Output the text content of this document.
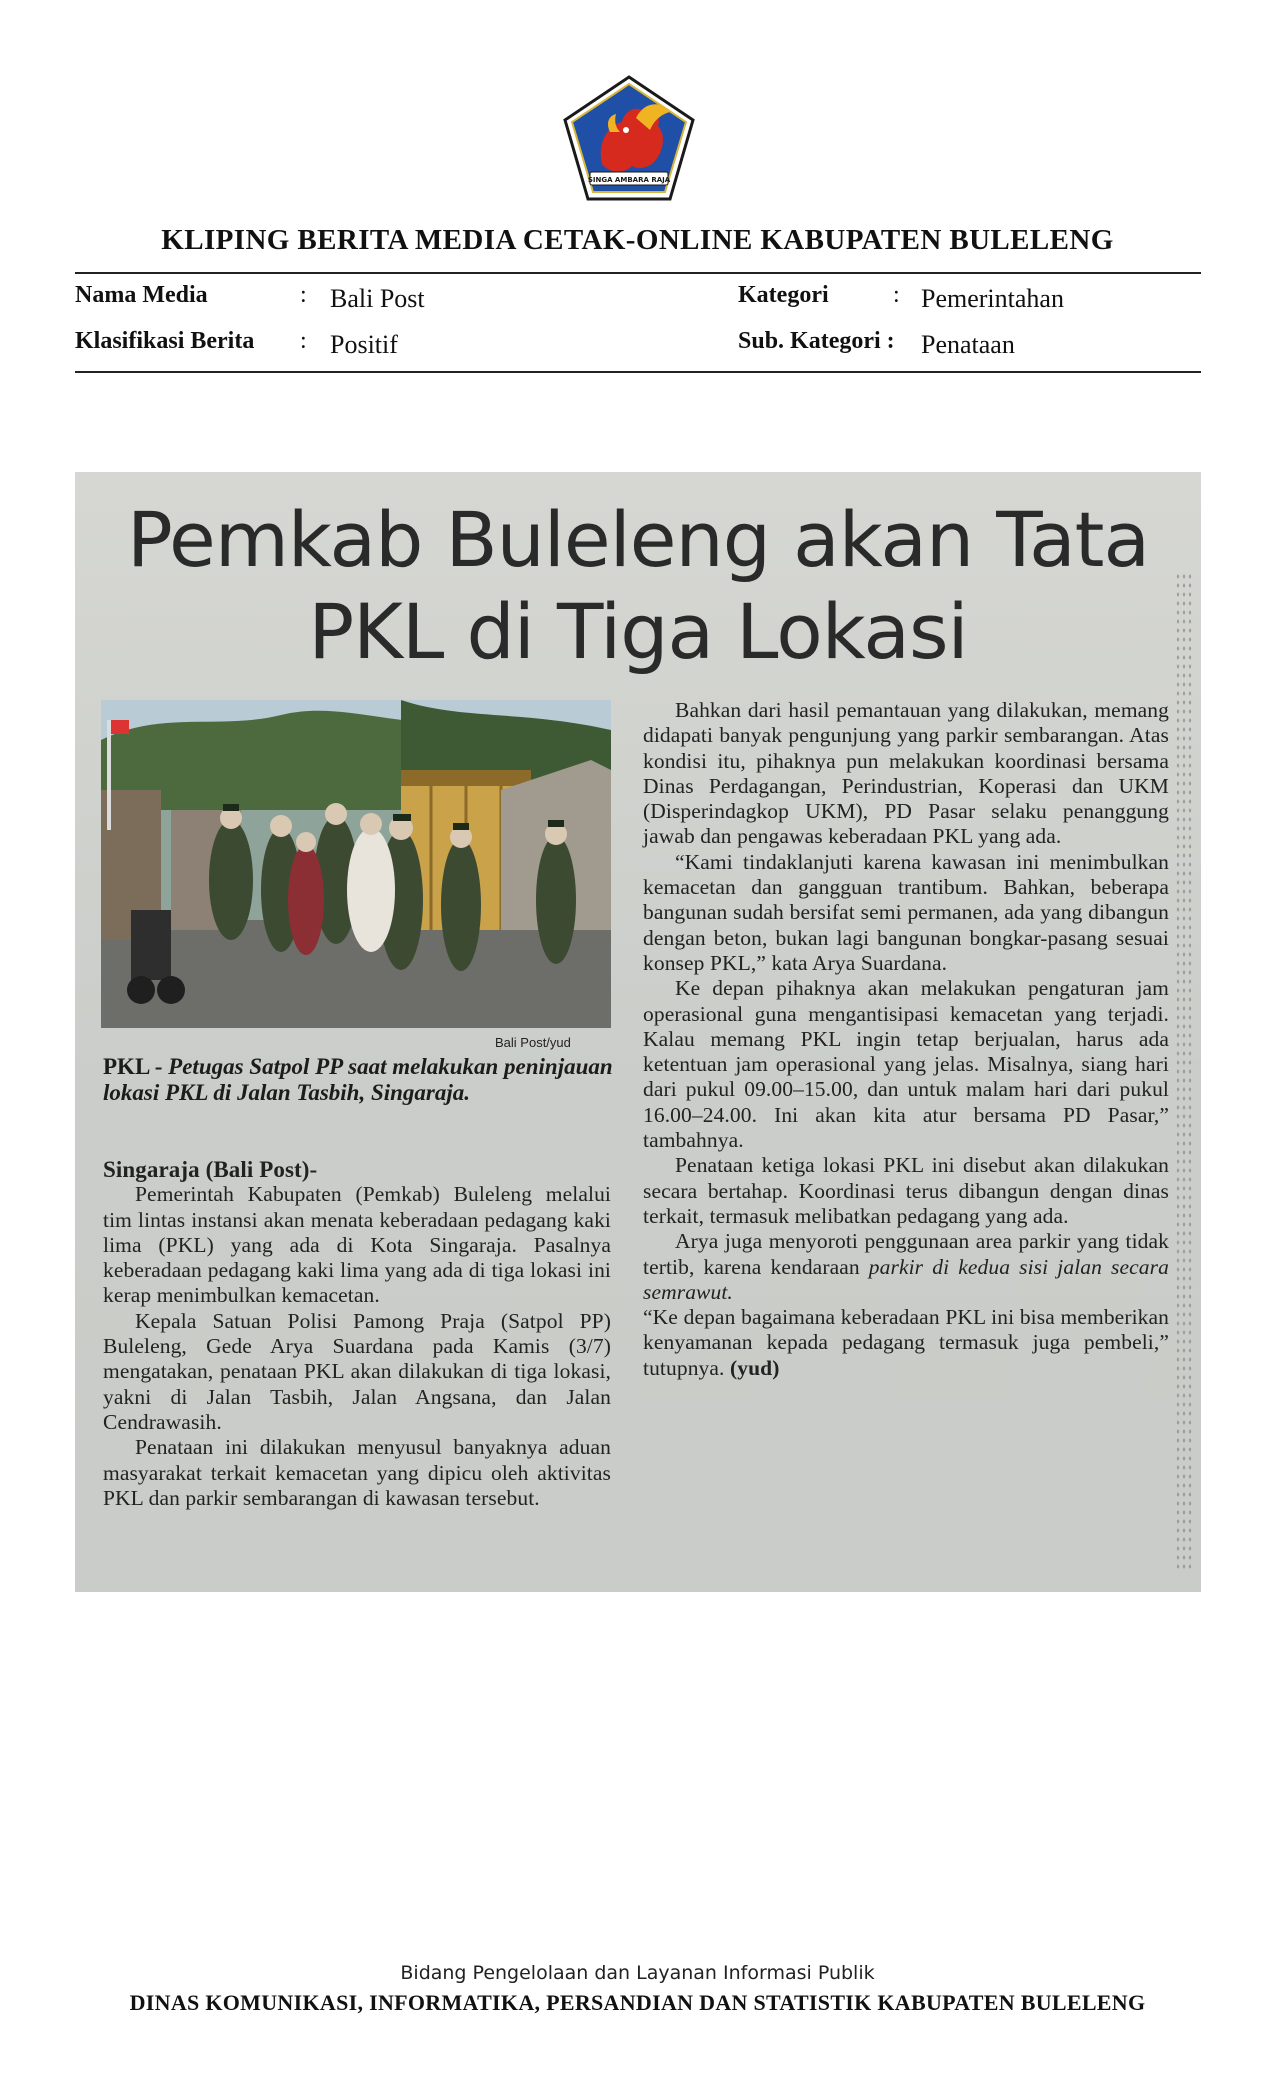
SINGA AMBARA RAJA
KLIPING BERITA MEDIA CETAK-ONLINE KABUPATEN BULELENG
Nama Media	: Bali Post
Klasifikasi Berita : Positif
Kategori	: Pemerintahan
Sub. Kategori : Penataan
Pemkab Buleleng akan Tata
PKL di Tiga Lokasi
Bali Post/yud
PKL - Petugas Satpol PP saat melakukan peninjauan lokasi PKL di Jalan Tasbih, Singaraja.

Singaraja (Bali Post)-

Pemerintah Kabupaten (Pemkab) Buleleng melalui tim lintas instansi akan menata keberadaan pedagang kaki lima (PKL) yang ada di Kota Singaraja. Pasalnya keberadaan pedagang kaki lima yang ada di tiga lokasi ini kerap menimbulkan kemacetan.

Kepala Satuan Polisi Pamong Praja (Satpol PP) Buleleng, Gede Arya Suardana pada Kamis (3/7) mengatakan, penataan PKL akan dilakukan di tiga lokasi, yakni di Jalan Tasbih, Jalan Angsana, dan Jalan Cendrawasih.

Penataan ini dilakukan menyusul banyaknya aduan masyarakat terkait kemacetan yang dipicu oleh aktivitas PKL dan parkir sembarangan di kawasan tersebut.

Bahkan dari hasil pemantauan yang dilakukan, memang didapati banyak pengunjung yang parkir sembarangan. Atas kondisi itu, pihaknya pun melakukan koordinasi bersama Dinas Perdagangan, Perindustrian, Koperasi dan UKM (Disperindagkop UKM), PD Pasar selaku penanggung jawab dan pengawas keberadaan PKL yang ada.

“Kami tindaklanjuti karena kawasan ini menimbulkan kemacetan dan gangguan trantibum. Bahkan, beberapa bangunan sudah bersifat semi permanen, ada yang dibangun dengan beton, bukan lagi bangunan bongkar-pasang sesuai konsep PKL,” kata Arya Suardana.

Ke depan pihaknya akan melakukan pengaturan jam operasional guna mengantisipasi kemacetan yang terjadi. Kalau memang PKL ingin tetap berjualan, harus ada ketentuan jam operasional yang jelas. Misalnya, siang hari dari pukul 09.00–15.00, dan untuk malam hari dari pukul 16.00–24.00. Ini akan kita atur bersama PD Pasar,” tambahnya.

Penataan ketiga lokasi PKL ini disebut akan dilakukan secara bertahap. Koordinasi terus dibangun dengan dinas terkait, termasuk melibatkan pedagang yang ada.

Arya juga menyoroti penggunaan area parkir yang tidak tertib, karena kendaraan parkir di kedua sisi jalan secara semrawut.

“Ke depan bagaimana keberadaan PKL ini bisa memberikan kenyamanan kepada pedagang termasuk juga pembeli,” tutupnya. (yud)

Bidang Pengelolaan dan Layanan Informasi Publik
DINAS KOMUNIKASI, INFORMATIKA, PERSANDIAN DAN STATISTIK KABUPATEN BULELENG
